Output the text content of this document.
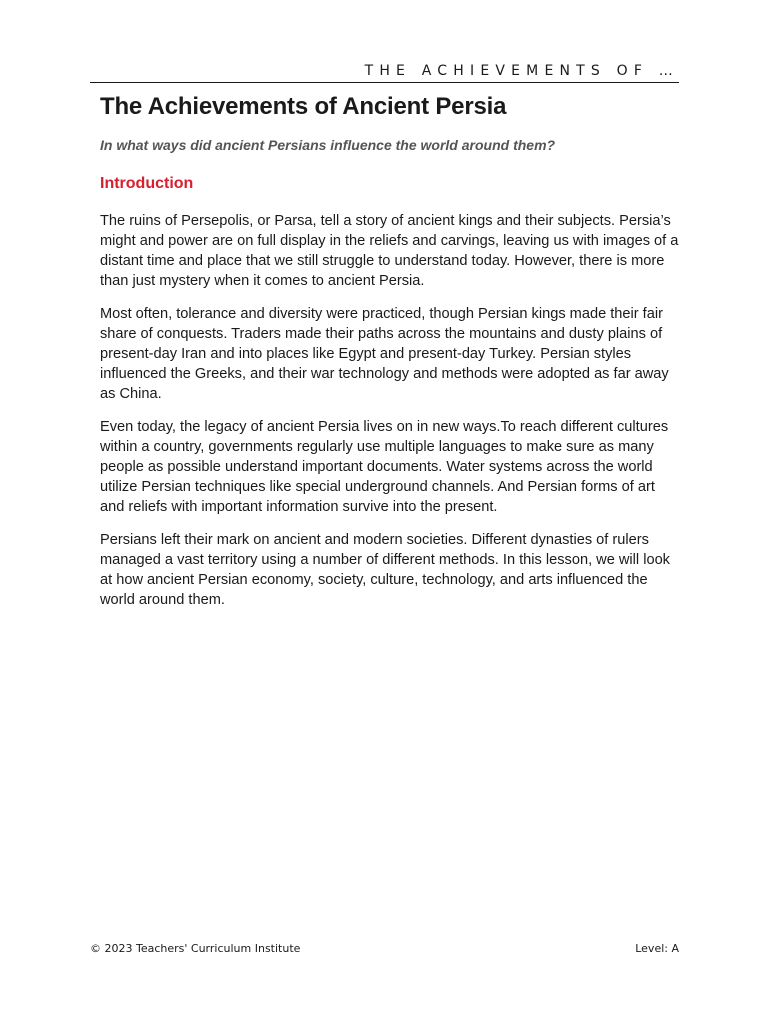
THE ACHIEVEMENTS OF …
The Achievements of Ancient Persia

In what ways did ancient Persians influence the world around them?

Introduction

The ruins of Persepolis, or Parsa, tell a story of ancient kings and their subjects. Persia’s might and power are on full display in the reliefs and carvings, leaving us with images of a distant time and place that we still struggle to understand today. However, there is more than just mystery when it comes to ancient Persia.

Most often, tolerance and diversity were practiced, though Persian kings made their fair share of conquests. Traders made their paths across the mountains and dusty plains of present-day Iran and into places like Egypt and present-day Turkey. Persian styles influenced the Greeks, and their war technology and methods were adopted as far away as China.

Even today, the legacy of ancient Persia lives on in new ways.To reach different cultures within a country, governments regularly use multiple languages to make sure as many people as possible understand important documents. Water systems across the world utilize Persian techniques like special underground channels. And Persian forms of art and reliefs with important information survive into the present.

Persians left their mark on ancient and modern societies. Different dynasties of rulers managed a vast territory using a number of different methods. In this lesson, we will look at how ancient Persian economy, society, culture, technology, and arts influenced the world around them.

© 2023 Teachers' Curriculum Institute	Level: A
